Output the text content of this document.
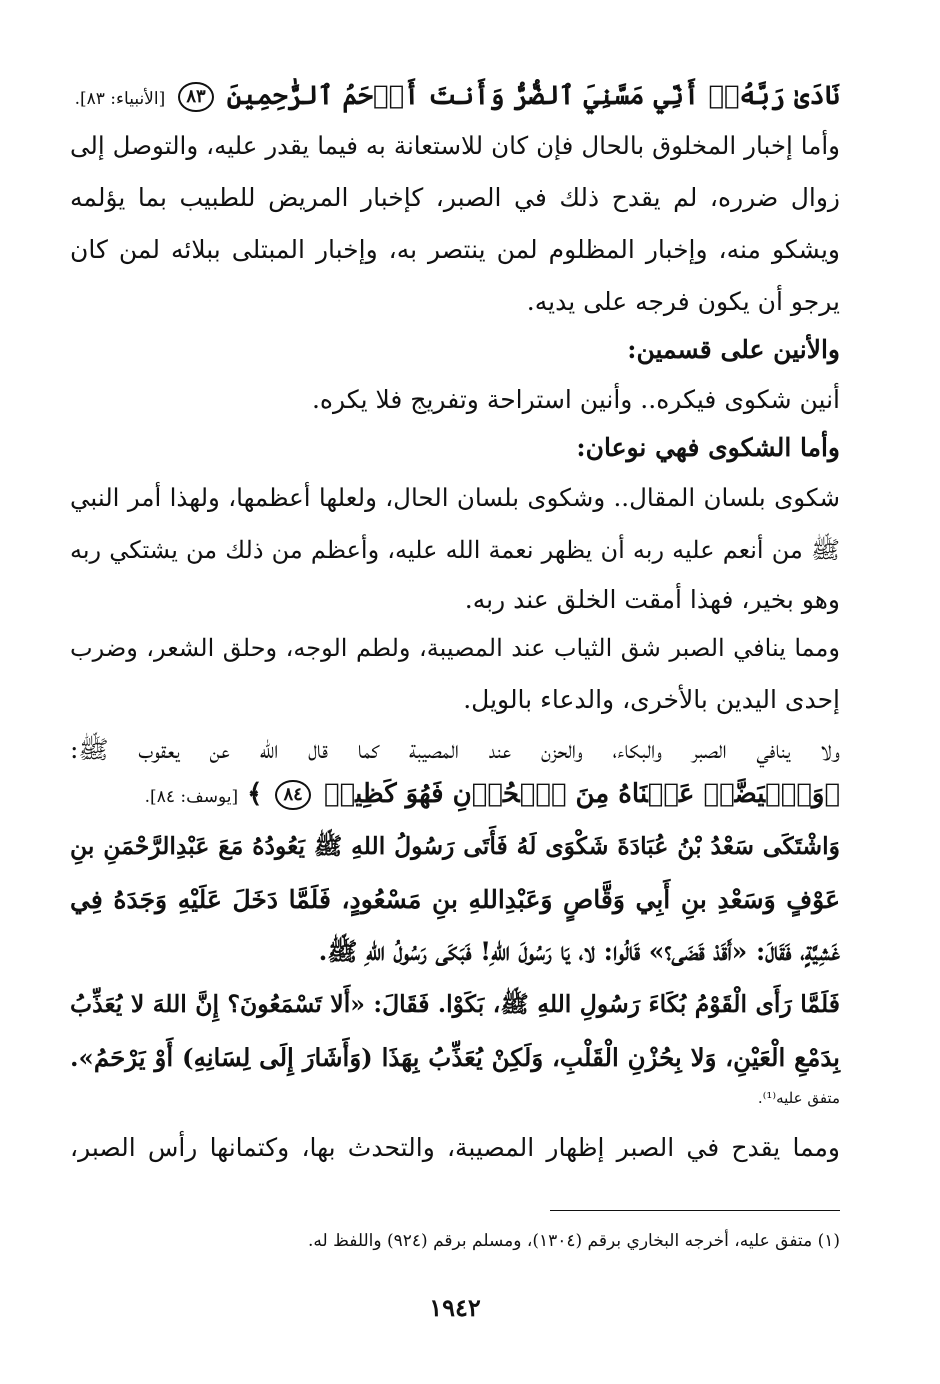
نَادَىٰ رَبَّهُۥٓ أَنِّي مَسَّنِيَ ٱلضُّرُّ وَأَنتَ أَرۡحَمُ ٱلرَّٰحِمِينَ ٨٣ [الأنبياء: ٨٣].
وأما إخبار المخلوق بالحال فإن كان للاستعانة به فيما يقدر عليه، والتوصل إلى
زوال ضرره، لم يقدح ذلك في الصبر، كإخبار المريض للطبيب بما يؤلمه
ويشكو منه، وإخبار المظلوم لمن ينتصر به، وإخبار المبتلى ببلائه لمن كان
يرجو أن يكون فرجه على يديه.
والأنين على قسمين:
أنين شكوى فيكره.. وأنين استراحة وتفريج فلا يكره.
وأما الشكوى فهي نوعان:
شكوى بلسان المقال.. وشكوى بلسان الحال، ولعلها أعظمها، ولهذا أمر النبي
ﷺ من أنعم عليه ربه أن يظهر نعمة الله عليه، وأعظم من ذلك من يشتكي ربه
وهو بخير، فهذا أمقت الخلق عند ربه.
ومما ينافي الصبر شق الثياب عند المصيبة، ولطم الوجه، وحلق الشعر، وضرب
إحدى اليدين بالأخرى، والدعاء بالويل.
ولا ينافي الصبر والبكاء، والحزن عند المصيبة كما قال الله عن يعقوب ﷺ:
﴿وَٱبۡيَضَّتۡ عَيۡنَاهُ مِنَ ٱلۡحُزۡنِ فَهُوَ كَظِيمٞ ٨٤ ﴾ [يوسف: ٨٤].
وَاشْتَكَى سَعْدُ بْنُ عُبَادَةَ شَكْوَى لَهُ فَأَتَى رَسُولُ اللهِ ﷺ يَعُودُهُ مَعَ عَبْدِالرَّحْمَنِ بنِ
عَوْفٍ وَسَعْدِ بنِ أَبِي وَقَّاصٍ وَعَبْدِاللهِ بنِ مَسْعُودٍ، فَلَمَّا دَخَلَ عَلَيْهِ وَجَدَهُ فِي
غَشِيَّةٍ، فَقَالَ: «أَقَدْ قَضَى؟» قَالُوا: لا، يَا رَسُولَ اللهِ! فَبَكَى رَسُولُ اللهِ ﷺ.
فَلَمَّا رَأَى الْقَوْمُ بُكَاءَ رَسُولِ اللهِ ﷺ، بَكَوْا. فَقَالَ: «أَلا تَسْمَعُونَ؟ إِنَّ اللهَ لا يُعَذِّبُ
بِدَمْعِ الْعَيْنِ، وَلا بِحُزْنِ الْقَلْبِ، وَلَكِنْ يُعَذِّبُ بِهَذَا (وَأَشَارَ إِلَى لِسَانِهِ) أَوْ يَرْحَمُ».
متفق عليه⁽¹⁾.
ومما يقدح في الصبر إظهار المصيبة، والتحدث بها، وكتمانها رأس الصبر،
(١) متفق عليه، أخرجه البخاري برقم (١٣٠٤)، ومسلم برقم (٩٢٤) واللفظ له.
١٩٤٢
